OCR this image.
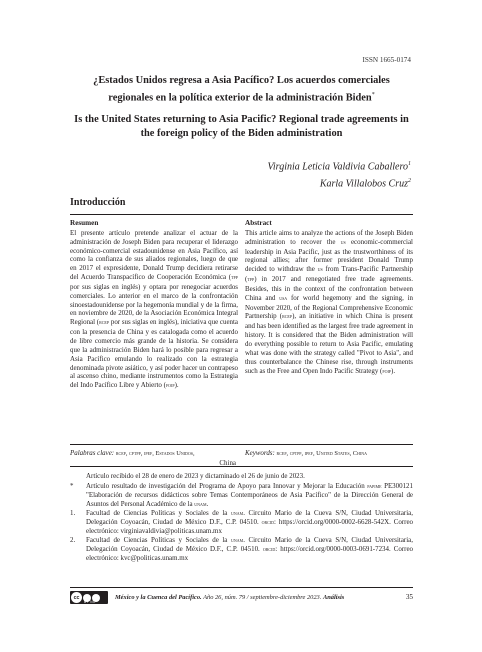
ISSN 1665-0174
¿Estados Unidos regresa a Asia Pacífico? Los acuerdos comerciales regionales en la política exterior de la administración Biden*
Is the United States returning to Asia Pacific? Regional trade agreements in the foreign policy of the Biden administration
Virginia Leticia Valdivia Caballero$^1$
Karla Villalobos Cruz$^2$
Introducción
Resumen
El presente artículo pretende analizar el actuar de la administración de Joseph Biden para recuperar el liderazgo económico-comercial estadounidense en Asia Pacífico, así como la confianza de sus aliados regionales, luego de que en 2017 el expresidente, Donald Trump decidiera retirarse del Acuerdo Transpacífico de Cooperación Económica (tpp por sus siglas en inglés) y optara por renegociar acuerdos comerciales. Lo anterior en el marco de la confrontación sinoestadounidense por la hegemonía mundial y de la firma, en noviembre de 2020, de la Asociación Económica Integral Regional (rcep por sus siglas en inglés), iniciativa que cuenta con la presencia de China y es catalogada como el acuerdo de libre comercio más grande de la historia. Se considera que la administración Biden hará lo posible para regresar a Asia Pacífico emulando lo realizado con la estrategia denominada pivote asiático, y así poder hacer un contrapeso al ascenso chino, mediante instrumentos como la Estrategia del Indo Pacífico Libre y Abierto (foip).
Abstract
This article aims to analyze the actions of the Joseph Biden administration to recover the us economic-commercial leadership in Asia Pacific, just as the trustworthiness of its regional allies; after former president Donald Trump decided to withdraw the us from Trans-Pacific Partnership (tpp) in 2017 and renegotiated free trade agreements. Besides, this in the context of the confrontation between China and usa for world hegemony and the signing, in November 2020, of the Regional Comprehensive Economic Partnership (rcep), an initiative in which China is present and has been identified as the largest free trade agreement in history. It is considered that the Biden administration will do everything possible to return to Asia Pacific, emulating what was done with the strategy called "Pivot to Asia", and thus counterbalance the Chinese rise, through instruments such as the Free and Open Indo Pacific Strategy (foip).
Palabras clave: rcep, cptpp, ipef, Estados Unidos,
China
Keywords: rcep, cptpp, ipef, United States, China
Artículo recibido el 28 de enero de 2023 y dictaminado el 26 de junio de 2023.
*	Artículo resultado de investigación del Programa de Apoyo para Innovar y Mejorar la Educación papime PE300121 "Elaboración de recursos didácticos sobre Temas Contemporáneos de Asia Pacífico" de la Dirección General de Asuntos del Personal Académico de la unam.
1.	Facultad de Ciencias Políticas y Sociales de la unam. Circuito Mario de la Cueva S/N, Ciudad Universitaria, Delegación Coyoacán, Ciudad de México D.F., C.P. 04510. orcid: https://orcid.org/0000-0002-6628-542X. Correo electrónico: virginiavaldivia@politicas.unam.mx
2.	Facultad de Ciencias Políticas y Sociales de la unam. Circuito Mario de la Cueva S/N, Ciudad Universitaria, Delegación Coyoacán, Ciudad de México D.F., C.P. 04510. orcid: https://orcid.org/0000-0003-0691-7234. Correo electrónico: kvc@politicas.unam.mx
cc
BY NC
México y la Cuenca del Pacífico. Año 26, núm. 79 / septiembre-diciembre 2023. Análisis	35
